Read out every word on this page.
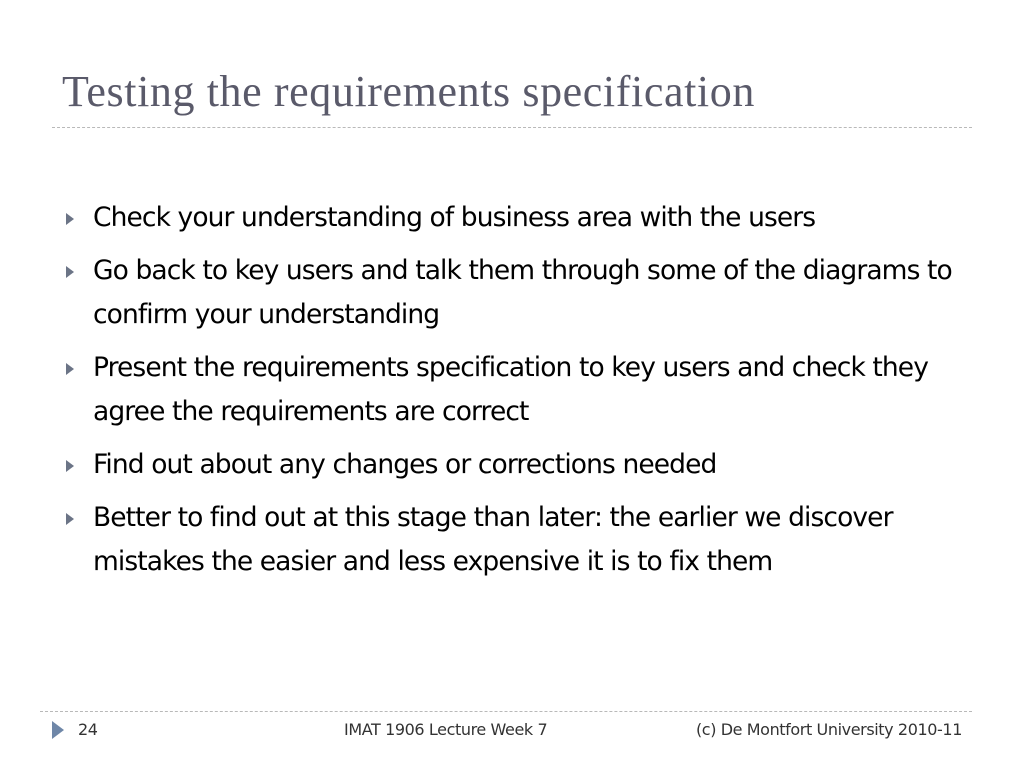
Testing the requirements specification
Check your understanding of business area with the users
Go back to key users and talk them through some of the diagrams to confirm your understanding
Present the requirements specification to key users and check they agree the requirements are correct
Find out about any changes or corrections needed
Better to find out at this stage than later: the earlier we discover mistakes the easier and less expensive it is to fix them
24	IMAT 1906 Lecture Week 7	(c) De Montfort University 2010-11
